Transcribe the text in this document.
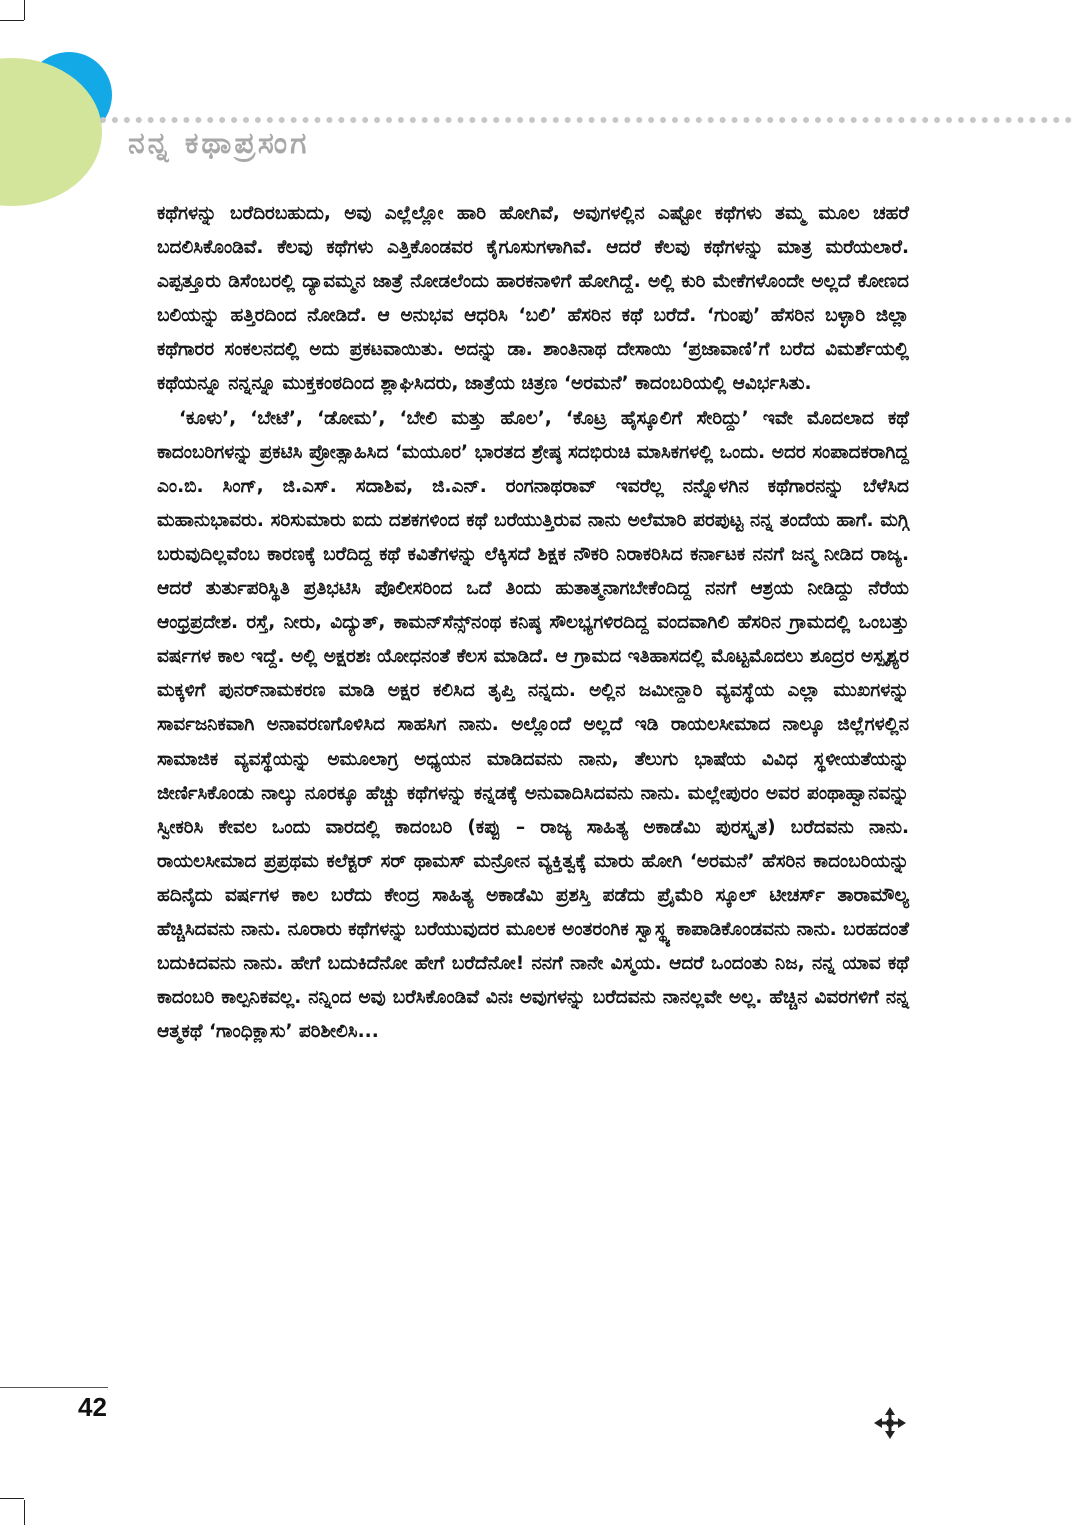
ನನ್ನ ಕಥಾಪ್ರಸಂಗ

ಕಥೆಗಳನ್ನು ಬರೆದಿರಬಹುದು, ಅವು ಎಲ್ಲೆಲ್ಲೋ ಹಾರಿ ಹೋಗಿವೆ, ಅವುಗಳಲ್ಲಿನ ಎಷ್ಟೋ ಕಥೆಗಳು ತಮ್ಮ ಮೂಲ ಚಹರೆ ಬದಲಿಸಿಕೊಂಡಿವೆ. ಕೆಲವು ಕಥೆಗಳು ಎತ್ತಿಕೊಂಡವರ ಕೈಗೂಸುಗಳಾಗಿವೆ. ಆದರೆ ಕೆಲವು ಕಥೆಗಳನ್ನು ಮಾತ್ರ ಮರೆಯಲಾರೆ. ಎಪ್ಪತ್ತೂರು ಡಿಸೆಂಬರಲ್ಲಿ ದ್ಯಾವಮ್ಮನ ಜಾತ್ರೆ ನೋಡಲೆಂದು ಹಾರಕನಾಳಿಗೆ ಹೋಗಿದ್ದೆ. ಅಲ್ಲಿ ಕುರಿ ಮೇಕೆಗಳೊಂದೇ ಅಲ್ಲದೆ ಕೋಣದ ಬಲಿಯನ್ನು ಹತ್ತಿರದಿಂದ ನೋಡಿದೆ. ಆ ಅನುಭವ ಆಧರಿಸಿ ‘ಬಲಿ’ ಹೆಸರಿನ ಕಥೆ ಬರೆದೆ. ‘ಗುಂಪು’ ಹೆಸರಿನ ಬಳ್ಳಾರಿ ಜಿಲ್ಲಾ ಕಥೆಗಾರರ ಸಂಕಲನದಲ್ಲಿ ಅದು ಪ್ರಕಟವಾಯಿತು. ಅದನ್ನು ಡಾ. ಶಾಂತಿನಾಥ ದೇಸಾಯಿ ‘ಪ್ರಜಾವಾಣಿ’ಗೆ ಬರೆದ ವಿಮರ್ಶೆಯಲ್ಲಿ ಕಥೆಯನ್ನೂ ನನ್ನನ್ನೂ ಮುಕ್ತಕಂಠದಿಂದ ಶ್ಲಾಘಿಸಿದರು, ಜಾತ್ರೆಯ ಚಿತ್ರಣ ‘ಅರಮನೆ’ ಕಾದಂಬರಿಯಲ್ಲಿ ಆವಿರ್ಭಸಿತು.

‘ಕೂಳು’, ‘ಬೇಟೆ’, ‘ಡೋಮ’, ‘ಬೇಲಿ ಮತ್ತು ಹೊಲ’, ‘ಕೊಟ್ರ ಹೈಸ್ಕೂಲಿಗೆ ಸೇರಿದ್ದು’ ಇವೇ ಮೊದಲಾದ ಕಥೆ ಕಾದಂಬರಿಗಳನ್ನು ಪ್ರಕಟಿಸಿ ಪ್ರೋತ್ಸಾಹಿಸಿದ ‘ಮಯೂರ’ ಭಾರತದ ಶ್ರೇಷ್ಠ ಸದಭಿರುಚಿ ಮಾಸಿಕಗಳಲ್ಲಿ ಒಂದು. ಅದರ ಸಂಪಾದಕರಾಗಿದ್ದ ಎಂ.ಬಿ. ಸಿಂಗ್, ಜಿ.ಎಸ್. ಸದಾಶಿವ, ಜಿ.ಎನ್. ರಂಗನಾಥರಾವ್ ಇವರೆಲ್ಲ ನನ್ನೊಳಗಿನ ಕಥೆಗಾರನನ್ನು ಬೆಳೆಸಿದ ಮಹಾನುಭಾವರು. ಸರಿಸುಮಾರು ಐದು ದಶಕಗಳಿಂದ ಕಥೆ ಬರೆಯುತ್ತಿರುವ ನಾನು ಅಲೆಮಾರಿ ಪರಪುಟ್ಟ ನನ್ನ ತಂದೆಯ ಹಾಗೆ. ಮಗ್ಗಿ ಬರುವುದಿಲ್ಲವೆಂಬ ಕಾರಣಕ್ಕೆ ಬರೆದಿದ್ದ ಕಥೆ ಕವಿತೆಗಳನ್ನು ಲೆಕ್ಕಿಸದೆ ಶಿಕ್ಷಕ ನೌಕರಿ ನಿರಾಕರಿಸಿದ ಕರ್ನಾಟಕ ನನಗೆ ಜನ್ಮ ನೀಡಿದ ರಾಜ್ಯ. ಆದರೆ ತುರ್ತುಪರಿಸ್ಥಿತಿ ಪ್ರತಿಭಟಿಸಿ ಪೊಲೀಸರಿಂದ ಒದೆ ತಿಂದು ಹುತಾತ್ಮನಾಗಬೇಕೆಂದಿದ್ದ ನನಗೆ ಆಶ್ರಯ ನೀಡಿದ್ದು ನೆರೆಯ ಆಂಧ್ರಪ್ರದೇಶ. ರಸ್ತೆ, ನೀರು, ವಿದ್ಯುತ್, ಕಾಮನ್‌ಸೆನ್ಸ್‌ನಂಥ ಕನಿಷ್ಠ ಸೌಲಭ್ಯಗಳಿರದಿದ್ದ ವಂದವಾಗಿಲಿ ಹೆಸರಿನ ಗ್ರಾಮದಲ್ಲಿ ಒಂಬತ್ತು ವರ್ಷಗಳ ಕಾಲ ಇದ್ದೆ. ಅಲ್ಲಿ ಅಕ್ಷರಶಃ ಯೋಧನಂತೆ ಕೆಲಸ ಮಾಡಿದೆ. ಆ ಗ್ರಾಮದ ಇತಿಹಾಸದಲ್ಲಿ ಮೊಟ್ಟಮೊದಲು ಶೂದ್ರರ ಅಸ್ಪೃಶ್ಯರ ಮಕ್ಕಳಿಗೆ ಪುನರ್‌ನಾಮಕರಣ ಮಾಡಿ ಅಕ್ಷರ ಕಲಿಸಿದ ತೃಪ್ತಿ ನನ್ನದು. ಅಲ್ಲಿನ ಜಮೀನ್ದಾರಿ ವ್ಯವಸ್ಥೆಯ ಎಲ್ಲಾ ಮುಖಗಳನ್ನು ಸಾರ್ವಜನಿಕವಾಗಿ ಅನಾವರಣಗೊಳಿಸಿದ ಸಾಹಸಿಗ ನಾನು. ಅಲ್ಲೊಂದೆ ಅಲ್ಲದೆ ಇಡಿ ರಾಯಲಸೀಮಾದ ನಾಲ್ಕೂ ಜಿಲ್ಲೆಗಳಲ್ಲಿನ ಸಾಮಾಜಿಕ ವ್ಯವಸ್ಥೆಯನ್ನು ಅಮೂಲಾಗ್ರ ಅಧ್ಯಯನ ಮಾಡಿದವನು ನಾನು, ತೆಲುಗು ಭಾಷೆಯ ವಿವಿಧ ಸ್ಥಳೀಯತೆಯನ್ನು ಜೀರ್ಣಿಸಿಕೊಂಡು ನಾಲ್ಕು ನೂರಕ್ಕೂ ಹೆಚ್ಚು ಕಥೆಗಳನ್ನು ಕನ್ನಡಕ್ಕೆ ಅನುವಾದಿಸಿದವನು ನಾನು. ಮಲ್ಲೇಪುರಂ ಅವರ ಪಂಥಾಹ್ವಾನವನ್ನು ಸ್ವೀಕರಿಸಿ ಕೇವಲ ಒಂದು ವಾರದಲ್ಲಿ ಕಾದಂಬರಿ (ಕಪ್ಪು – ರಾಜ್ಯ ಸಾಹಿತ್ಯ ಅಕಾಡೆಮಿ ಪುರಸ್ಕೃತ) ಬರೆದವನು ನಾನು. ರಾಯಲಸೀಮಾದ ಪ್ರಪ್ರಥಮ ಕಲೆಕ್ಟರ್ ಸರ್ ಥಾಮಸ್ ಮನ್ರೋನ ವ್ಯಕ್ತಿತ್ವಕ್ಕೆ ಮಾರು ಹೋಗಿ ‘ಅರಮನೆ’ ಹೆಸರಿನ ಕಾದಂಬರಿಯನ್ನು ಹದಿನೈದು ವರ್ಷಗಳ ಕಾಲ ಬರೆದು ಕೇಂದ್ರ ಸಾಹಿತ್ಯ ಅಕಾಡೆಮಿ ಪ್ರಶಸ್ತಿ ಪಡೆದು ಪ್ರೈಮೆರಿ ಸ್ಕೂಲ್ ಟೀಚರ್ಸ್ ತಾರಾಮೌಲ್ಯ ಹೆಚ್ಚಿಸಿದವನು ನಾನು. ನೂರಾರು ಕಥೆಗಳನ್ನು ಬರೆಯುವುದರ ಮೂಲಕ ಅಂತರಂಗಿಕ ಸ್ವಾಸ್ಥ್ಯ ಕಾಪಾಡಿಕೊಂಡವನು ನಾನು. ಬರಹದಂತೆ ಬದುಕಿದವನು ನಾನು. ಹೇಗೆ ಬದುಕಿದೆನೋ ಹೇಗೆ ಬರೆದೆನೋ! ನನಗೆ ನಾನೇ ವಿಸ್ಮಯ. ಆದರೆ ಒಂದಂತು ನಿಜ, ನನ್ನ ಯಾವ ಕಥೆ ಕಾದಂಬರಿ ಕಾಲ್ಪನಿಕವಲ್ಲ. ನನ್ನಿಂದ ಅವು ಬರೆಸಿಕೊಂಡಿವೆ ವಿನಃ ಅವುಗಳನ್ನು ಬರೆದವನು ನಾನಲ್ಲವೇ ಅಲ್ಲ. ಹೆಚ್ಚಿನ ವಿವರಗಳಿಗೆ ನನ್ನ ಆತ್ಮಕಥೆ ‘ಗಾಂಧಿಕ್ಲಾಸು’ ಪರಿಶೀಲಿಸಿ...

42
